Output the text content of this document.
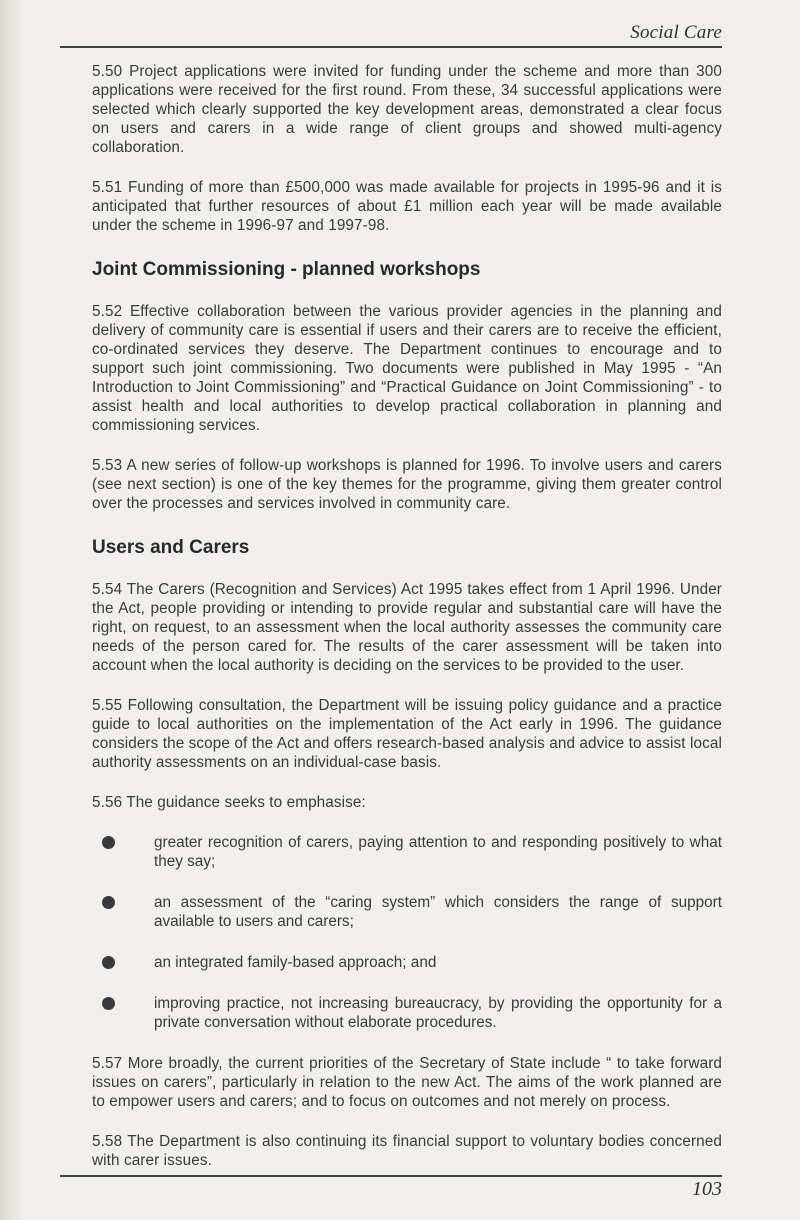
Social Care

5.50 Project applications were invited for funding under the scheme and more than 300 applications were received for the first round. From these, 34 successful applications were selected which clearly supported the key development areas, demonstrated a clear focus on users and carers in a wide range of client groups and showed multi-agency collaboration.

5.51 Funding of more than £500,000 was made available for projects in 1995-96 and it is anticipated that further resources of about £1 million each year will be made available under the scheme in 1996-97 and 1997-98.

Joint Commissioning - planned workshops

5.52 Effective collaboration between the various provider agencies in the planning and delivery of community care is essential if users and their carers are to receive the efficient, co-ordinated services they deserve. The Department continues to encourage and to support such joint commissioning. Two documents were published in May 1995 - “An Introduction to Joint Commissioning” and “Practical Guidance on Joint Commissioning” - to assist health and local authorities to develop practical collaboration in planning and commissioning services.

5.53 A new series of follow-up workshops is planned for 1996. To involve users and carers (see next section) is one of the key themes for the programme, giving them greater control over the processes and services involved in community care.

Users and Carers

5.54 The Carers (Recognition and Services) Act 1995 takes effect from 1 April 1996. Under the Act, people providing or intending to provide regular and substantial care will have the right, on request, to an assessment when the local authority assesses the community care needs of the person cared for. The results of the carer assessment will be taken into account when the local authority is deciding on the services to be provided to the user.

5.55 Following consultation, the Department will be issuing policy guidance and a practice guide to local authorities on the implementation of the Act early in 1996. The guidance considers the scope of the Act and offers research-based analysis and advice to assist local authority assessments on an individual-case basis.

5.56 The guidance seeks to emphasise:

greater recognition of carers, paying attention to and responding positively to what they say;
an assessment of the “caring system” which considers the range of support available to users and carers;
an integrated family-based approach; and
improving practice, not increasing bureaucracy, by providing the opportunity for a private conversation without elaborate procedures.

5.57 More broadly, the current priorities of the Secretary of State include “ to take forward issues on carers”, particularly in relation to the new Act. The aims of the work planned are to empower users and carers; and to focus on outcomes and not merely on process.

5.58 The Department is also continuing its financial support to voluntary bodies concerned with carer issues.

103
